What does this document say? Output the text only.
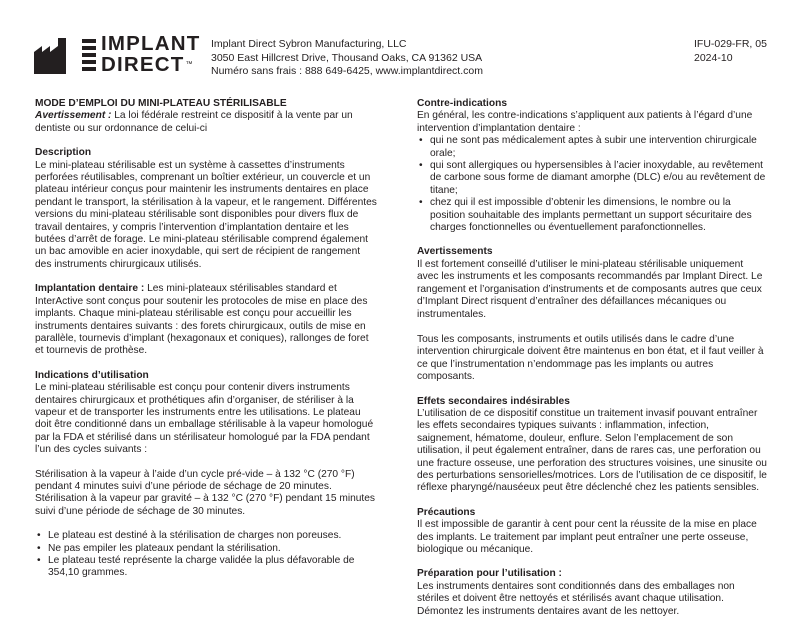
IMPLANT
DIRECT™
Implant Direct Sybron Manufacturing, LLC
3050 East Hillcrest Drive, Thousand Oaks, CA 91362 USA
Numéro sans frais : 888 649-6425, www.implantdirect.com
IFU-029-FR, 05
2024-10

MODE D’EMPLOI DU MINI-PLATEAU STÉRILISABLE

Avertissement : La loi fédérale restreint ce dispositif à la vente par un dentiste ou sur ordonnance de celui-ci

Description

Le mini-plateau stérilisable est un système à cassettes d’instruments perforées réutilisables, comprenant un boîtier extérieur, un couvercle et un plateau intérieur conçus pour maintenir les instruments dentaires en place pendant le transport, la stérilisation à la vapeur, et le rangement. Différentes versions du mini-plateau stérilisable sont disponibles pour divers flux de travail dentaires, y compris l’intervention d’implantation dentaire et les butées d’arrêt de forage. Le mini-plateau stérilisable comprend également un bac amovible en acier inoxydable, qui sert de récipient de rangement des instruments chirurgicaux utilisés.

Implantation dentaire : Les mini-plateaux stérilisables standard et InterActive sont conçus pour soutenir les protocoles de mise en place des implants. Chaque mini-plateau stérilisable est conçu pour accueillir les instruments dentaires suivants : des forets chirurgicaux, outils de mise en parallèle, tournevis d’implant (hexagonaux et coniques), rallonges de foret et tournevis de prothèse.

Indications d’utilisation

Le mini-plateau stérilisable est conçu pour contenir divers instruments dentaires chirurgicaux et prothétiques afin d’organiser, de stériliser à la vapeur et de transporter les instruments entre les utilisations. Le plateau doit être conditionné dans un emballage stérilisable à la vapeur homologué par la FDA et stérilisé dans un stérilisateur homologué par la FDA pendant l’un des cycles suivants :

Stérilisation à la vapeur à l’aide d’un cycle pré-vide – à 132 °C (270 °F) pendant 4 minutes suivi d’une période de séchage de 20 minutes.

Stérilisation à la vapeur par gravité – à 132 °C (270 °F) pendant 15 minutes suivi d’une période de séchage de 30 minutes.

• Le plateau est destiné à la stérilisation de charges non poreuses.
• Ne pas empiler les plateaux pendant la stérilisation.
• Le plateau testé représente la charge validée la plus défavorable de 354,10 grammes.

Contre-indications

En général, les contre-indications s’appliquent aux patients à l’égard d’une intervention d’implantation dentaire :

• qui ne sont pas médicalement aptes à subir une intervention chirurgicale orale;
• qui sont allergiques ou hypersensibles à l’acier inoxydable, au revêtement de carbone sous forme de diamant amorphe (DLC) e/ou au revêtement de titane;
• chez qui il est impossible d’obtenir les dimensions, le nombre ou la position souhaitable des implants permettant un support sécuritaire des charges fonctionnelles ou éventuellement parafonctionnelles.

Avertissements

Il est fortement conseillé d’utiliser le mini-plateau stérilisable uniquement avec les instruments et les composants recommandés par Implant Direct. Le rangement et l’organisation d’instruments et de composants autres que ceux d’Implant Direct risquent d’entraîner des défaillances mécaniques ou instrumentales.

Tous les composants, instruments et outils utilisés dans le cadre d’une intervention chirurgicale doivent être maintenus en bon état, et il faut veiller à ce que l’instrumentation n’endommage pas les implants ou autres composants.

Effets secondaires indésirables

L’utilisation de ce dispositif constitue un traitement invasif pouvant entraîner les effets secondaires typiques suivants : inflammation, infection, saignement, hématome, douleur, enflure. Selon l’emplacement de son utilisation, il peut également entraîner, dans de rares cas, une perforation ou une fracture osseuse, une perforation des structures voisines, une sinusite ou des perturbations sensorielles/motrices. Lors de l’utilisation de ce dispositif, le réflexe pharyngé/nauséeux peut être déclenché chez les patients sensibles.

Précautions

Il est impossible de garantir à cent pour cent la réussite de la mise en place des implants. Le traitement par implant peut entraîner une perte osseuse, biologique ou mécanique.

Préparation pour l’utilisation :

Les instruments dentaires sont conditionnés dans des emballages non stériles et doivent être nettoyés et stérilisés avant chaque utilisation. Démontez les instruments dentaires avant de les nettoyer.
